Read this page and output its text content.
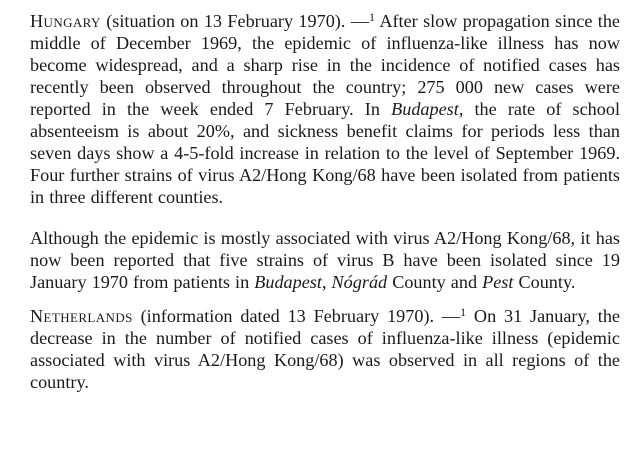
Hungary (situation on 13 February 1970). —$^1$ After slow propagation since the middle of December 1969, the epidemic of influenza-like illness has now become widespread, and a sharp rise in the incidence of notified cases has recently been observed throughout the country; 275 000 new cases were reported in the week ended 7 February. In Budapest, the rate of school absenteeism is about 20%, and sickness benefit claims for periods less than seven days show a 4-5-fold increase in relation to the level of September 1969. Four further strains of virus A2/Hong Kong/68 have been isolated from patients in three different counties.

Although the epidemic is mostly associated with virus A2/Hong Kong/68, it has now been reported that five strains of virus B have been isolated since 19 January 1970 from patients in Budapest, Nógrád County and Pest County.

Netherlands (information dated 13 February 1970). —$^1$ On 31 January, the decrease in the number of notified cases of influenza-like illness (epidemic associated with virus A2/Hong Kong/68) was observed in all regions of the country.
